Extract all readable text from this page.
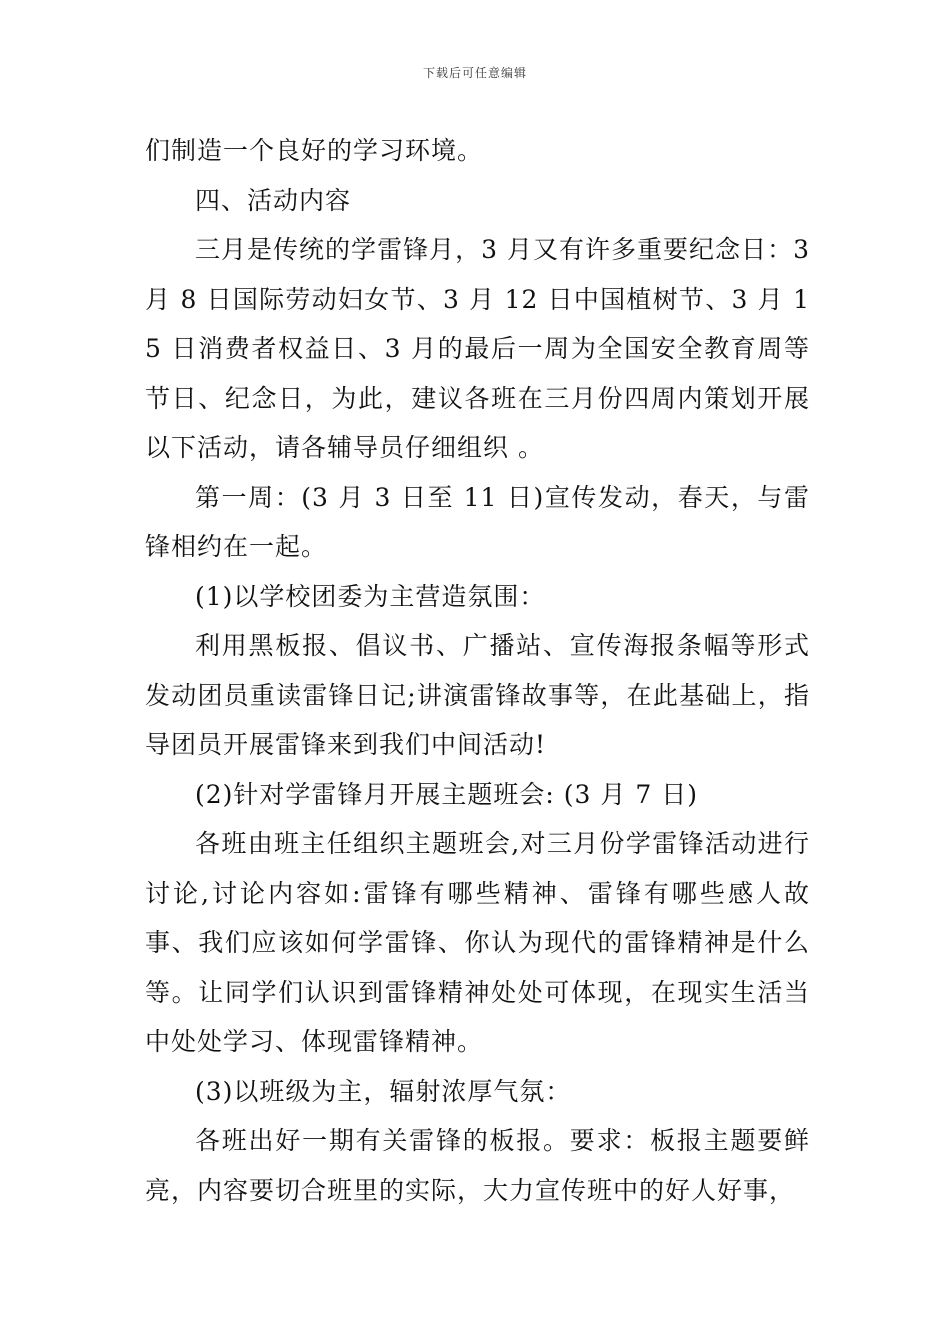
下载后可任意编辑

们制造一个良好的学习环境。

四、活动内容

三月是传统的学雷锋月，3 月又有许多重要纪念日：3 月 8 日国际劳动妇女节、3 月 12 日中国植树节、3 月 15 日消费者权益日、3 月的最后一周为全国安全教育周等节日、纪念日，为此，建议各班在三月份四周内策划开展以下活动，请各辅导员仔细组织 。

第一周：(3 月 3 日至 11 日)宣传发动，春天，与雷锋相约在一起。

(1)以学校团委为主营造氛围：

利用黑板报、倡议书、广播站、宣传海报条幅等形式发动团员重读雷锋日记;讲演雷锋故事等，在此基础上，指导团员开展雷锋来到我们中间活动!

(2)针对学雷锋月开展主题班会: (3 月 7 日)

各班由班主任组织主题班会,对三月份学雷锋活动进行讨论,讨论内容如:雷锋有哪些精神、雷锋有哪些感人故事、我们应该如何学雷锋、你认为现代的雷锋精神是什么等。让同学们认识到雷锋精神处处可体现，在现实生活当中处处学习、体现雷锋精神。

(3)以班级为主，辐射浓厚气氛：

各班出好一期有关雷锋的板报。要求：板报主题要鲜亮，内容要切合班里的实际，大力宣传班中的好人好事，
